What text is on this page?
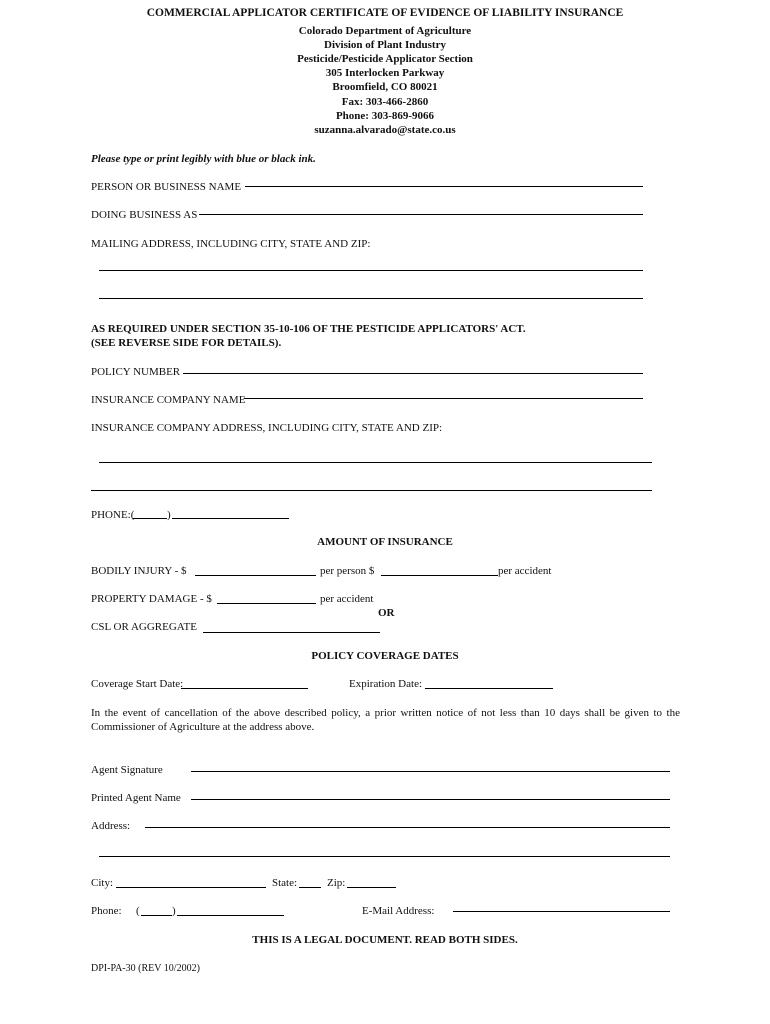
COMMERCIAL APPLICATOR CERTIFICATE OF EVIDENCE OF LIABILITY INSURANCE
Colorado Department of Agriculture
Division of Plant Industry
Pesticide/Pesticide Applicator Section
305 Interlocken Parkway
Broomfield, CO 80021
Fax: 303-466-2860
Phone: 303-869-9066
suzanna.alvarado@state.co.us
Please type or print legibly with blue or black ink.
PERSON OR BUSINESS NAME
DOING BUSINESS AS
MAILING ADDRESS, INCLUDING CITY, STATE AND ZIP:
AS REQUIRED UNDER SECTION 35-10-106 OF THE PESTICIDE APPLICATORS' ACT.
(SEE REVERSE SIDE FOR DETAILS).
POLICY NUMBER
INSURANCE COMPANY NAME
INSURANCE COMPANY ADDRESS, INCLUDING CITY, STATE AND ZIP:
PHONE:(	)
AMOUNT OF INSURANCE
BODILY INJURY - $	per person $	per accident
PROPERTY DAMAGE - $	per accident
OR
CSL OR AGGREGATE
POLICY COVERAGE DATES
Coverage Start Date:	Expiration Date:
In the event of cancellation of the above described policy, a prior written notice of not less than 10 days shall be given to the Commissioner of Agriculture at the address above.
Agent Signature
Printed Agent Name
Address:
City:	State:	Zip:
Phone: (	)	E-Mail Address:
THIS IS A LEGAL DOCUMENT. READ BOTH SIDES.
DPI-PA-30 (REV 10/2002)
